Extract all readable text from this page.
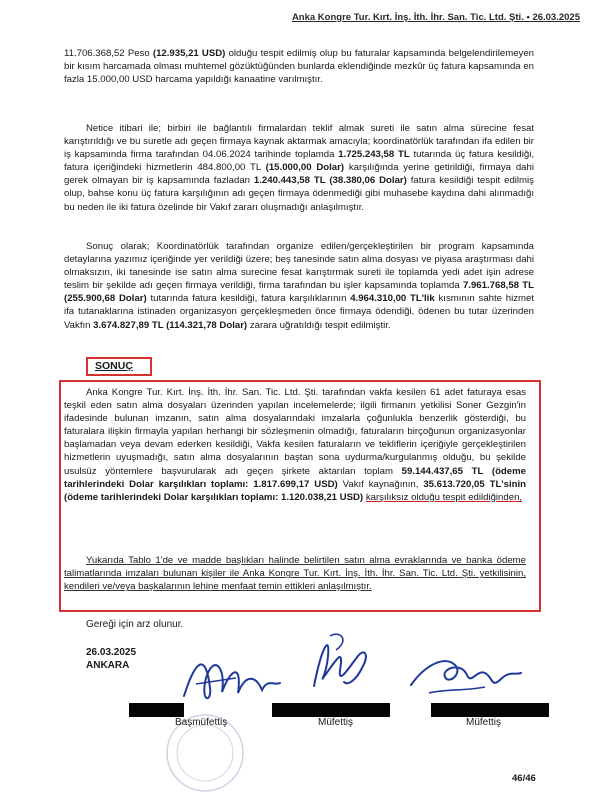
Anka Kongre Tur. Kırt. İnş. İth. İhr. San. Tic. Ltd. Şti. • 26.03.2025

11.706.368,52 Peso (12.935,21 USD) olduğu tespit edilmiş olup bu faturalar kapsamında belgelendirilemeyen bir kısım harcamada olması muhtemel gözüktüğünden bunlarda eklendiğinde mezkûr üç fatura kapsamında en fazla 15.000,00 USD harcama yapıldığı kanaatine varılmıştır.

Netice itibari ile; birbiri ile bağlantılı firmalardan teklif almak sureti ile satın alma sürecine fesat karıştırıldığı ve bu suretle adı geçen firmaya kaynak aktarmak amacıyla; koordinatörlük tarafından ifa edilen bir iş kapsamında firma tarafından 04.06.2024 tarihinde toplamda 1.725.243,58 TL tutarında üç fatura kesildiği, fatura içeriğindeki hizmetlerin 484.800,00 TL (15.000,00 Dolar) karşılığında yerine getirildiği, firmaya dahi gerek olmayan bir iş kapsamında fazladan 1.240.443,58 TL (38.380,06 Dolar) fatura kesildiği tespit edilmiş olup, bahse konu üç fatura karşılığının adı geçen firmaya ödenmediği gibi muhasebe kaydına dahi alınmadığı bu neden ile iki fatura özelinde bir Vakıf zararı oluşmadığı anlaşılmıştır.

Sonuç olarak; Koordinatörlük tarafından organize edilen/gerçekleştirilen bir program kapsamında detaylarına yazımız içeriğinde yer verildiği üzere; beş tanesinde satın alma dosyası ve piyasa araştırması dahi olmaksızın, iki tanesinde ise satın alma surecine fesat karıştırmak sureti ile toplamda yedi adet işin adrese teslim bir şekilde adı geçen firmaya verildiği, firma tarafından bu işler kapsamında toplamda 7.961.768,58 TL (255.900,68 Dolar) tutarında fatura kesildiği, fatura karşılıklarının 4.964.310,00 TL'lik kısmının sahte hizmet ifa tutanaklarına istinaden organizasyon gerçekleşmeden önce firmaya ödendiği, ödenen bu tutar üzerinden Vakfın 3.674.827,89 TL (114.321,78 Dolar) zarara uğratıldığı tespit edilmiştir.

SONUÇ

Anka Kongre Tur. Kırt. İnş. İth. İhr. San. Tic. Ltd. Şti. tarafından vakfa kesilen 61 adet faturaya esas teşkil eden satın alma dosyaları üzerinden yapılan incelemelerde; ilgili firmanın yetkilisi Soner Gezgin'in ifadesinde bulunan imzanın, satın alma dosyalarındaki imzalarla çoğunlukla benzerlik gösterdiği, bu faturalara ilişkin firmayla yapılan herhangi bir sözleşmenin olmadığı, faturaların birçoğunun organizasyonlar başlamadan veya devam ederken kesildiği, Vakfa kesilen faturaların ve tekliflerin içeriğiyle gerçekleştirilen hizmetlerin uyuşmadığı, satın alma dosyalarının baştan sona uydurma/kurgulanmış olduğu, bu şekilde usulsüz yöntemlere başvurularak adı geçen şirkete aktarılan toplam 59.144.437,65 TL (ödeme tarihlerindeki Dolar karşılıkları toplamı: 1.817.699,17 USD) Vakıf kaynağının, 35.613.720,05 TL'sinin (ödeme tarihlerindeki Dolar karşılıkları toplamı: 1.120.038,21 USD) karşılıksız olduğu tespit edildiğinden,

Yukarıda Tablo 1'de ve madde başlıkları halinde belirtilen satın alma evraklarında ve banka ödeme talimatlarında imzaları bulunan kişiler ile Anka Kongre Tur. Kırt. İnş. İth. İhr. San. Tic. Ltd. Şti. yetkilisinin, kendileri ve/veya başkalarının lehine menfaat temin ettikleri anlaşılmıştır.

Gereği için arz olunur.
26.03.2025
ANKARA
Başmüfettiş	Müfettiş	Müfettiş
46/46
